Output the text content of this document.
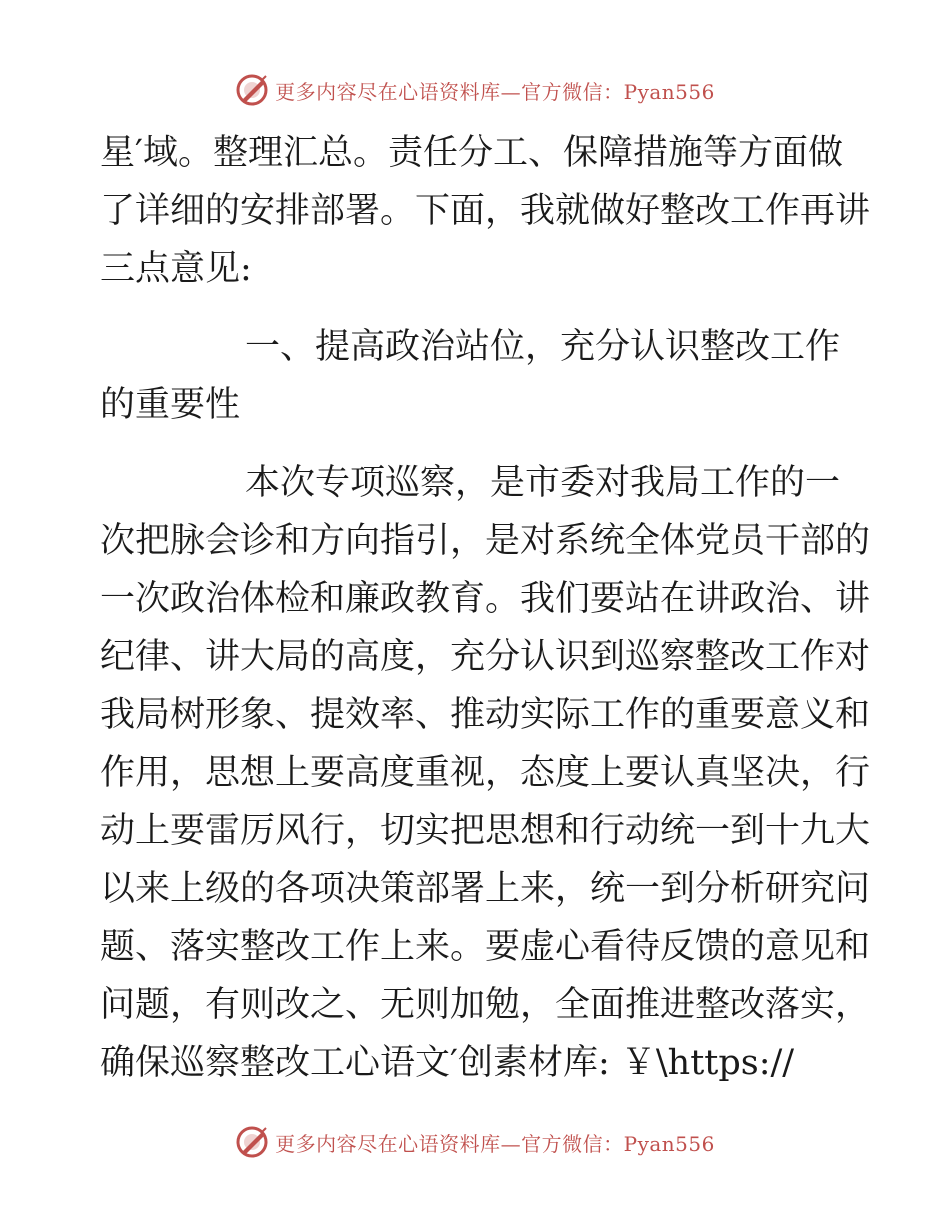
更多内容尽在心语资料库—官方微信：Pyan556
星′域。整理汇总。责任分工、保障措施等方面做
了详细的安排部署。下面，我就做好整改工作再讲
三点意见:
一、提高政治站位，充分认识整改工作
的重要性
本次专项巡察，是市委对我局工作的一
次把脉会诊和方向指引，是对系统全体党员干部的
一次政治体检和廉政教育。我们要站在讲政治、讲
纪律、讲大局的高度，充分认识到巡察整改工作对
我局树形象、提效率、推动实际工作的重要意义和
作用，思想上要高度重视，态度上要认真坚决，行
动上要雷厉风行，切实把思想和行动统一到十九大
以来上级的各项决策部署上来，统一到分析研究问
题、落实整改工作上来。要虚心看待反馈的意见和
问题，有则改之、无则加勉，全面推进整改落实，
确保巡察整改工心语文′创素材库: ￥\https://
更多内容尽在心语资料库—官方微信：Pyan556
